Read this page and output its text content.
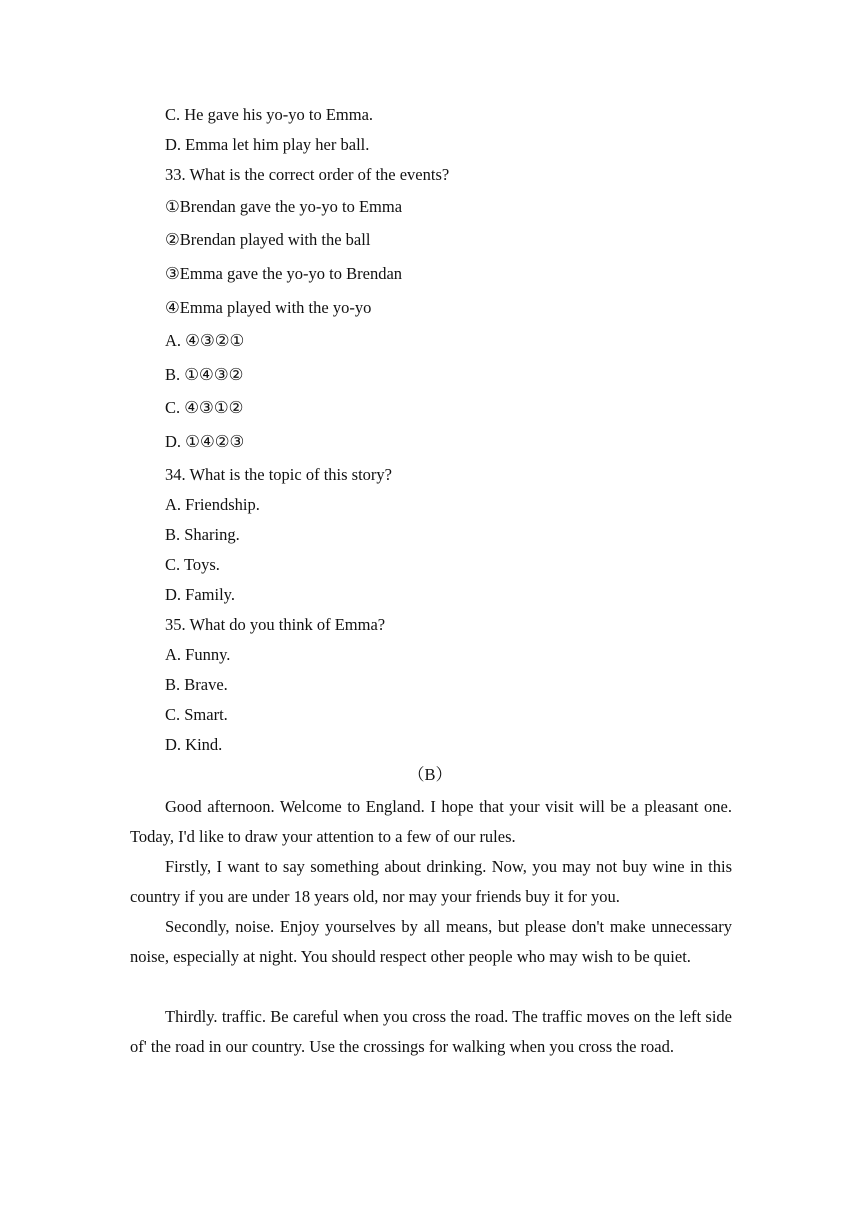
C. He gave his yo-yo to Emma.
D. Emma let him play her ball.
33. What is the correct order of the events?
①Brendan gave the yo-yo to Emma
②Brendan played with the ball
③Emma gave the yo-yo to Brendan
④Emma played with the yo-yo
A. ④③②①
B. ①④③②
C. ④③①②
D. ①④②③
34. What is the topic of this story?
A. Friendship.
B. Sharing.
C. Toys.
D. Family.
35. What do you think of Emma?
A. Funny.
B. Brave.
C. Smart.
D. Kind.
（B）
Good afternoon. Welcome to England. I hope that your visit will be a pleasant one. Today, I'd like to draw your attention to a few of our rules.
Firstly, I want to say something about drinking. Now, you may not buy wine in this country if you are under 18 years old, nor may your friends buy it for you.
Secondly, noise. Enjoy yourselves by all means, but please don't make unnecessary noise, especially at night. You should respect other people who may wish to be quiet.
Thirdly. traffic. Be careful when you cross the road. The traffic moves on the left side of' the road in our country. Use the crossings for walking when you cross the road.
